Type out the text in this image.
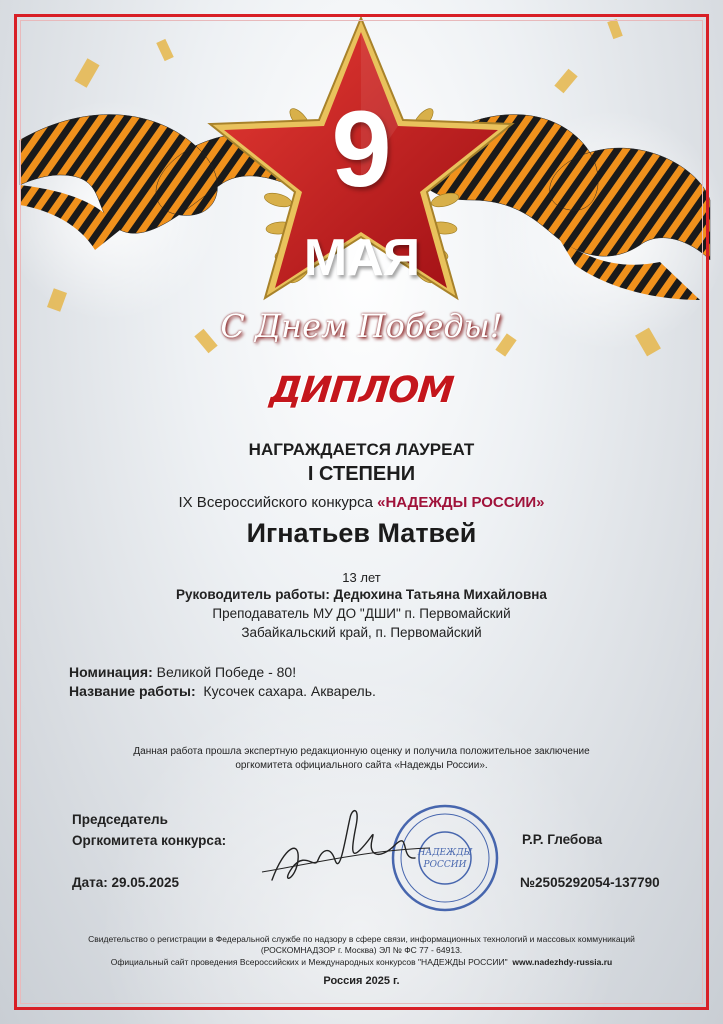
НАДЕЖДЫ
РОССИИ
9
МАЯ
С Днем Победы!
ДИПЛОМ
НАГРАЖДАЕТСЯ ЛАУРЕАТ
I СТЕПЕНИ
IX Всероссийского конкурса «НАДЕЖДЫ РОССИИ»
Игнатьев Матвей
13 лет
Руководитель работы: Дедюхина Татьяна Михайловна
Преподаватель МУ ДО "ДШИ" п. Первомайский
Забайкальский край, п. Первомайский
Номинация: Великой Победе - 80!
Название работы:  Кусочек сахара. Акварель.
Данная работа прошла экспертную редакционную оценку и получила положительное заключение
оргкомитета официального сайта «Надежды России».
Председатель
Оргкомитета конкурса:	Р.Р. Глебова
Дата: 29.05.2025	№2505292054-137790
Свидетельство о регистрации в Федеральной службе по надзору в сфере связи, информационных технологий и массовых коммуникаций
(РОСКОМНАДЗОР г. Москва) ЭЛ № ФС 77 - 64913.
Официальный сайт проведения Всероссийских и Международных конкурсов "НАДЕЖДЫ РОССИИ"  www.nadezhdy-russia.ru
Россия 2025 г.
